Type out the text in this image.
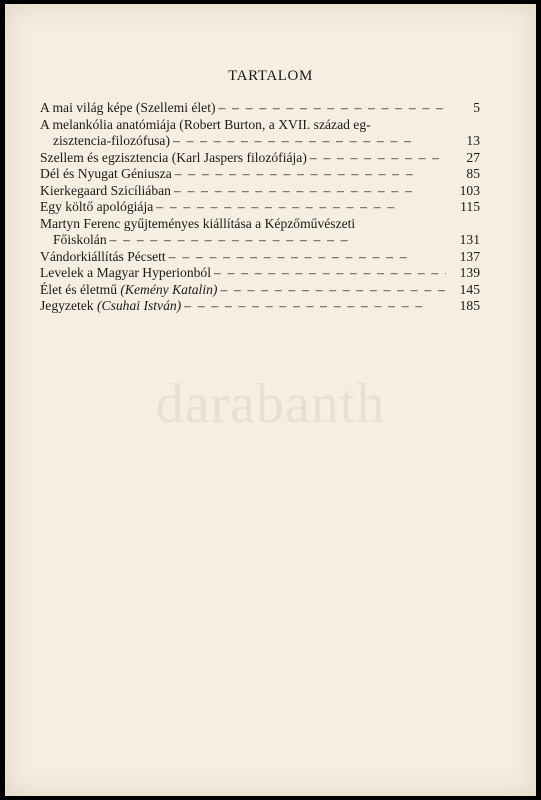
darabanth
TARTALOM
A mai világ képe (Szellemi élet) –  –	5
A melankólia anatómiája (Robert Burton, a XVII. század eg-
zisztencia-filozófusa) –  –	13
Szellem és egzisztencia (Karl Jaspers filozófiája) –  –	27
Dél és Nyugat Géniusza –  –	85
Kierkegaard Szicíliában –  –	103
Egy költő apológiája –  –	115
Martyn Ferenc gyűjteményes kiállítása a Képzőművészeti
Főiskolán –  –	131
Vándorkiállítás Pécsett –  –	137
Levelek a Magyar Hyperionból –  –	139
Élet és életmű (Kemény Katalin) –  –	145
Jegyzetek (Csuhai István) –  –	185
